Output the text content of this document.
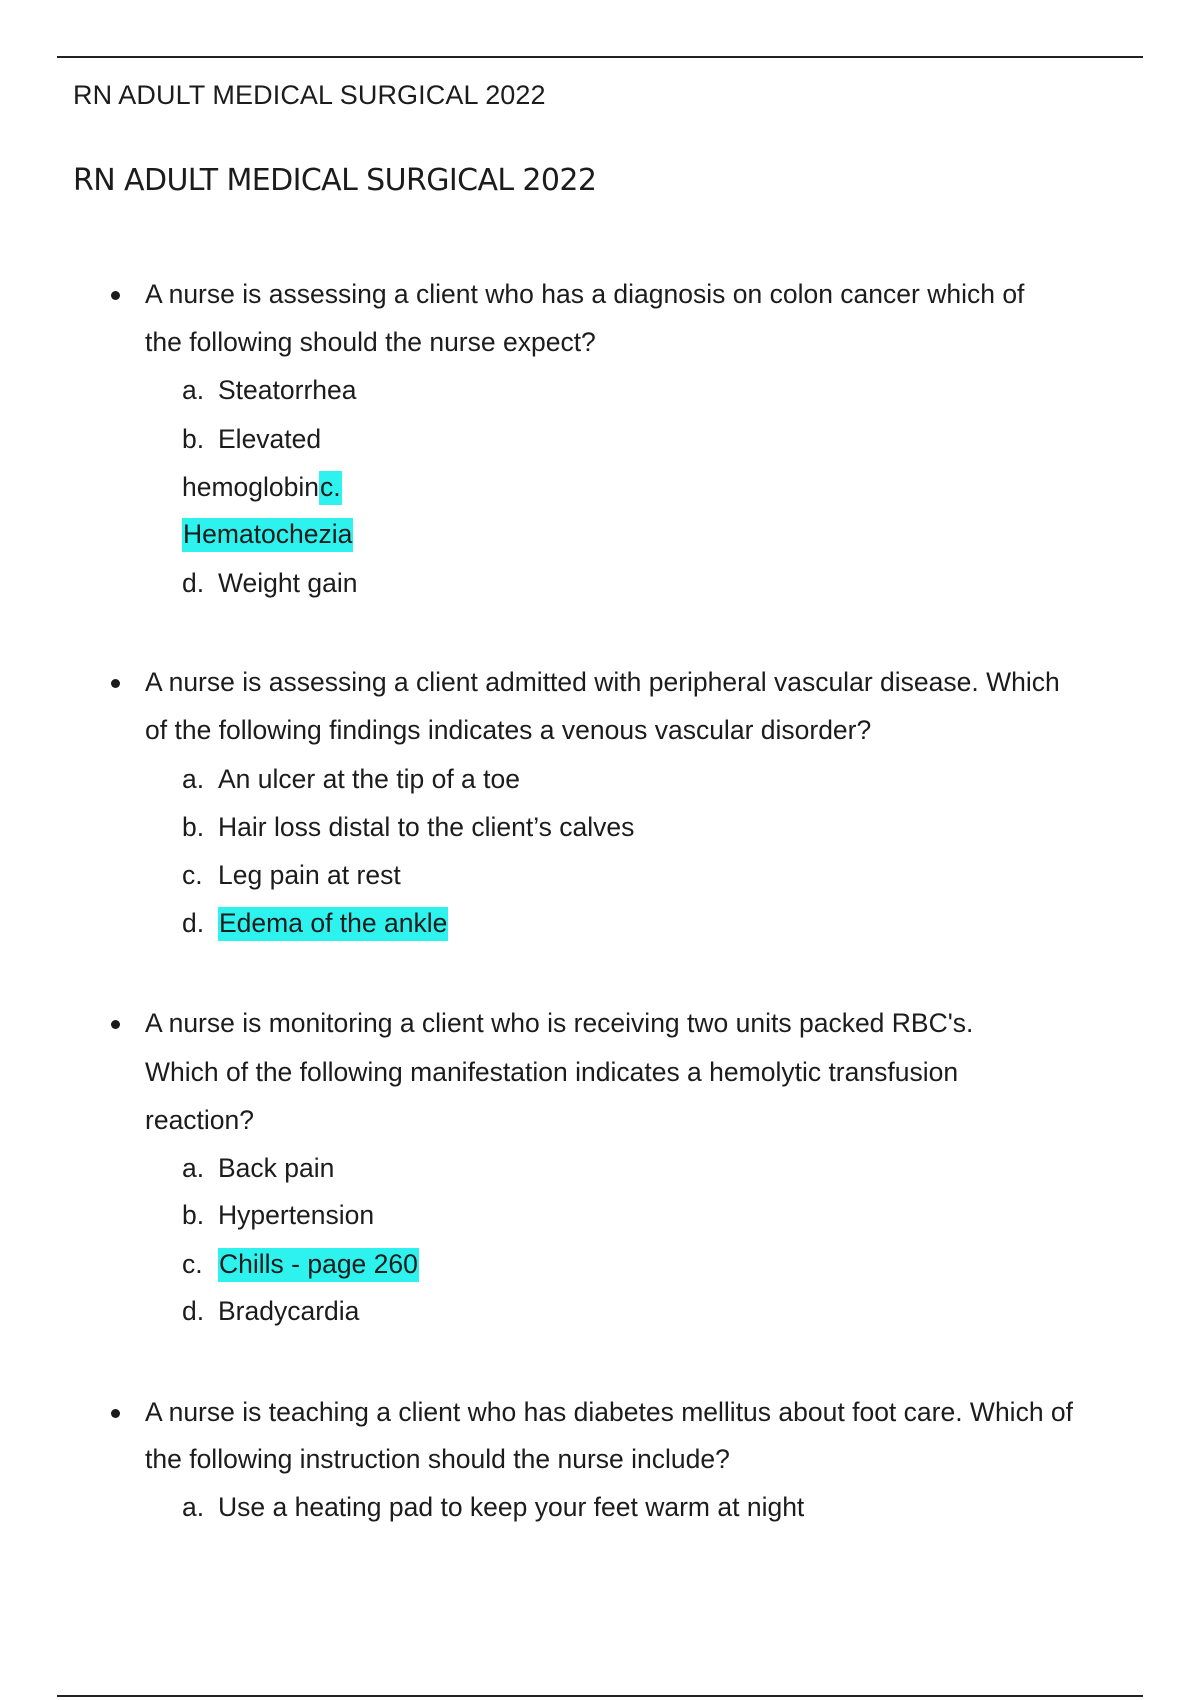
RN ADULT MEDICAL SURGICAL 2022
RN ADULT MEDICAL SURGICAL 2022
A nurse is assessing a client who has a diagnosis on colon cancer which of
the following should the nurse expect?
a. Steatorrhea
b. Elevated
hemoglobinc.
Hematochezia
d. Weight gain
A nurse is assessing a client admitted with peripheral vascular disease. Which
of the following findings indicates a venous vascular disorder?
a. An ulcer at the tip of a toe
b. Hair loss distal to the client’s calves
c. Leg pain at rest
d. Edema of the ankle
A nurse is monitoring a client who is receiving two units packed RBC's.
Which of the following manifestation indicates a hemolytic transfusion
reaction?
a. Back pain
b. Hypertension
c. Chills - page 260
d. Bradycardia
A nurse is teaching a client who has diabetes mellitus about foot care. Which of
the following instruction should the nurse include?
a. Use a heating pad to keep your feet warm at night
